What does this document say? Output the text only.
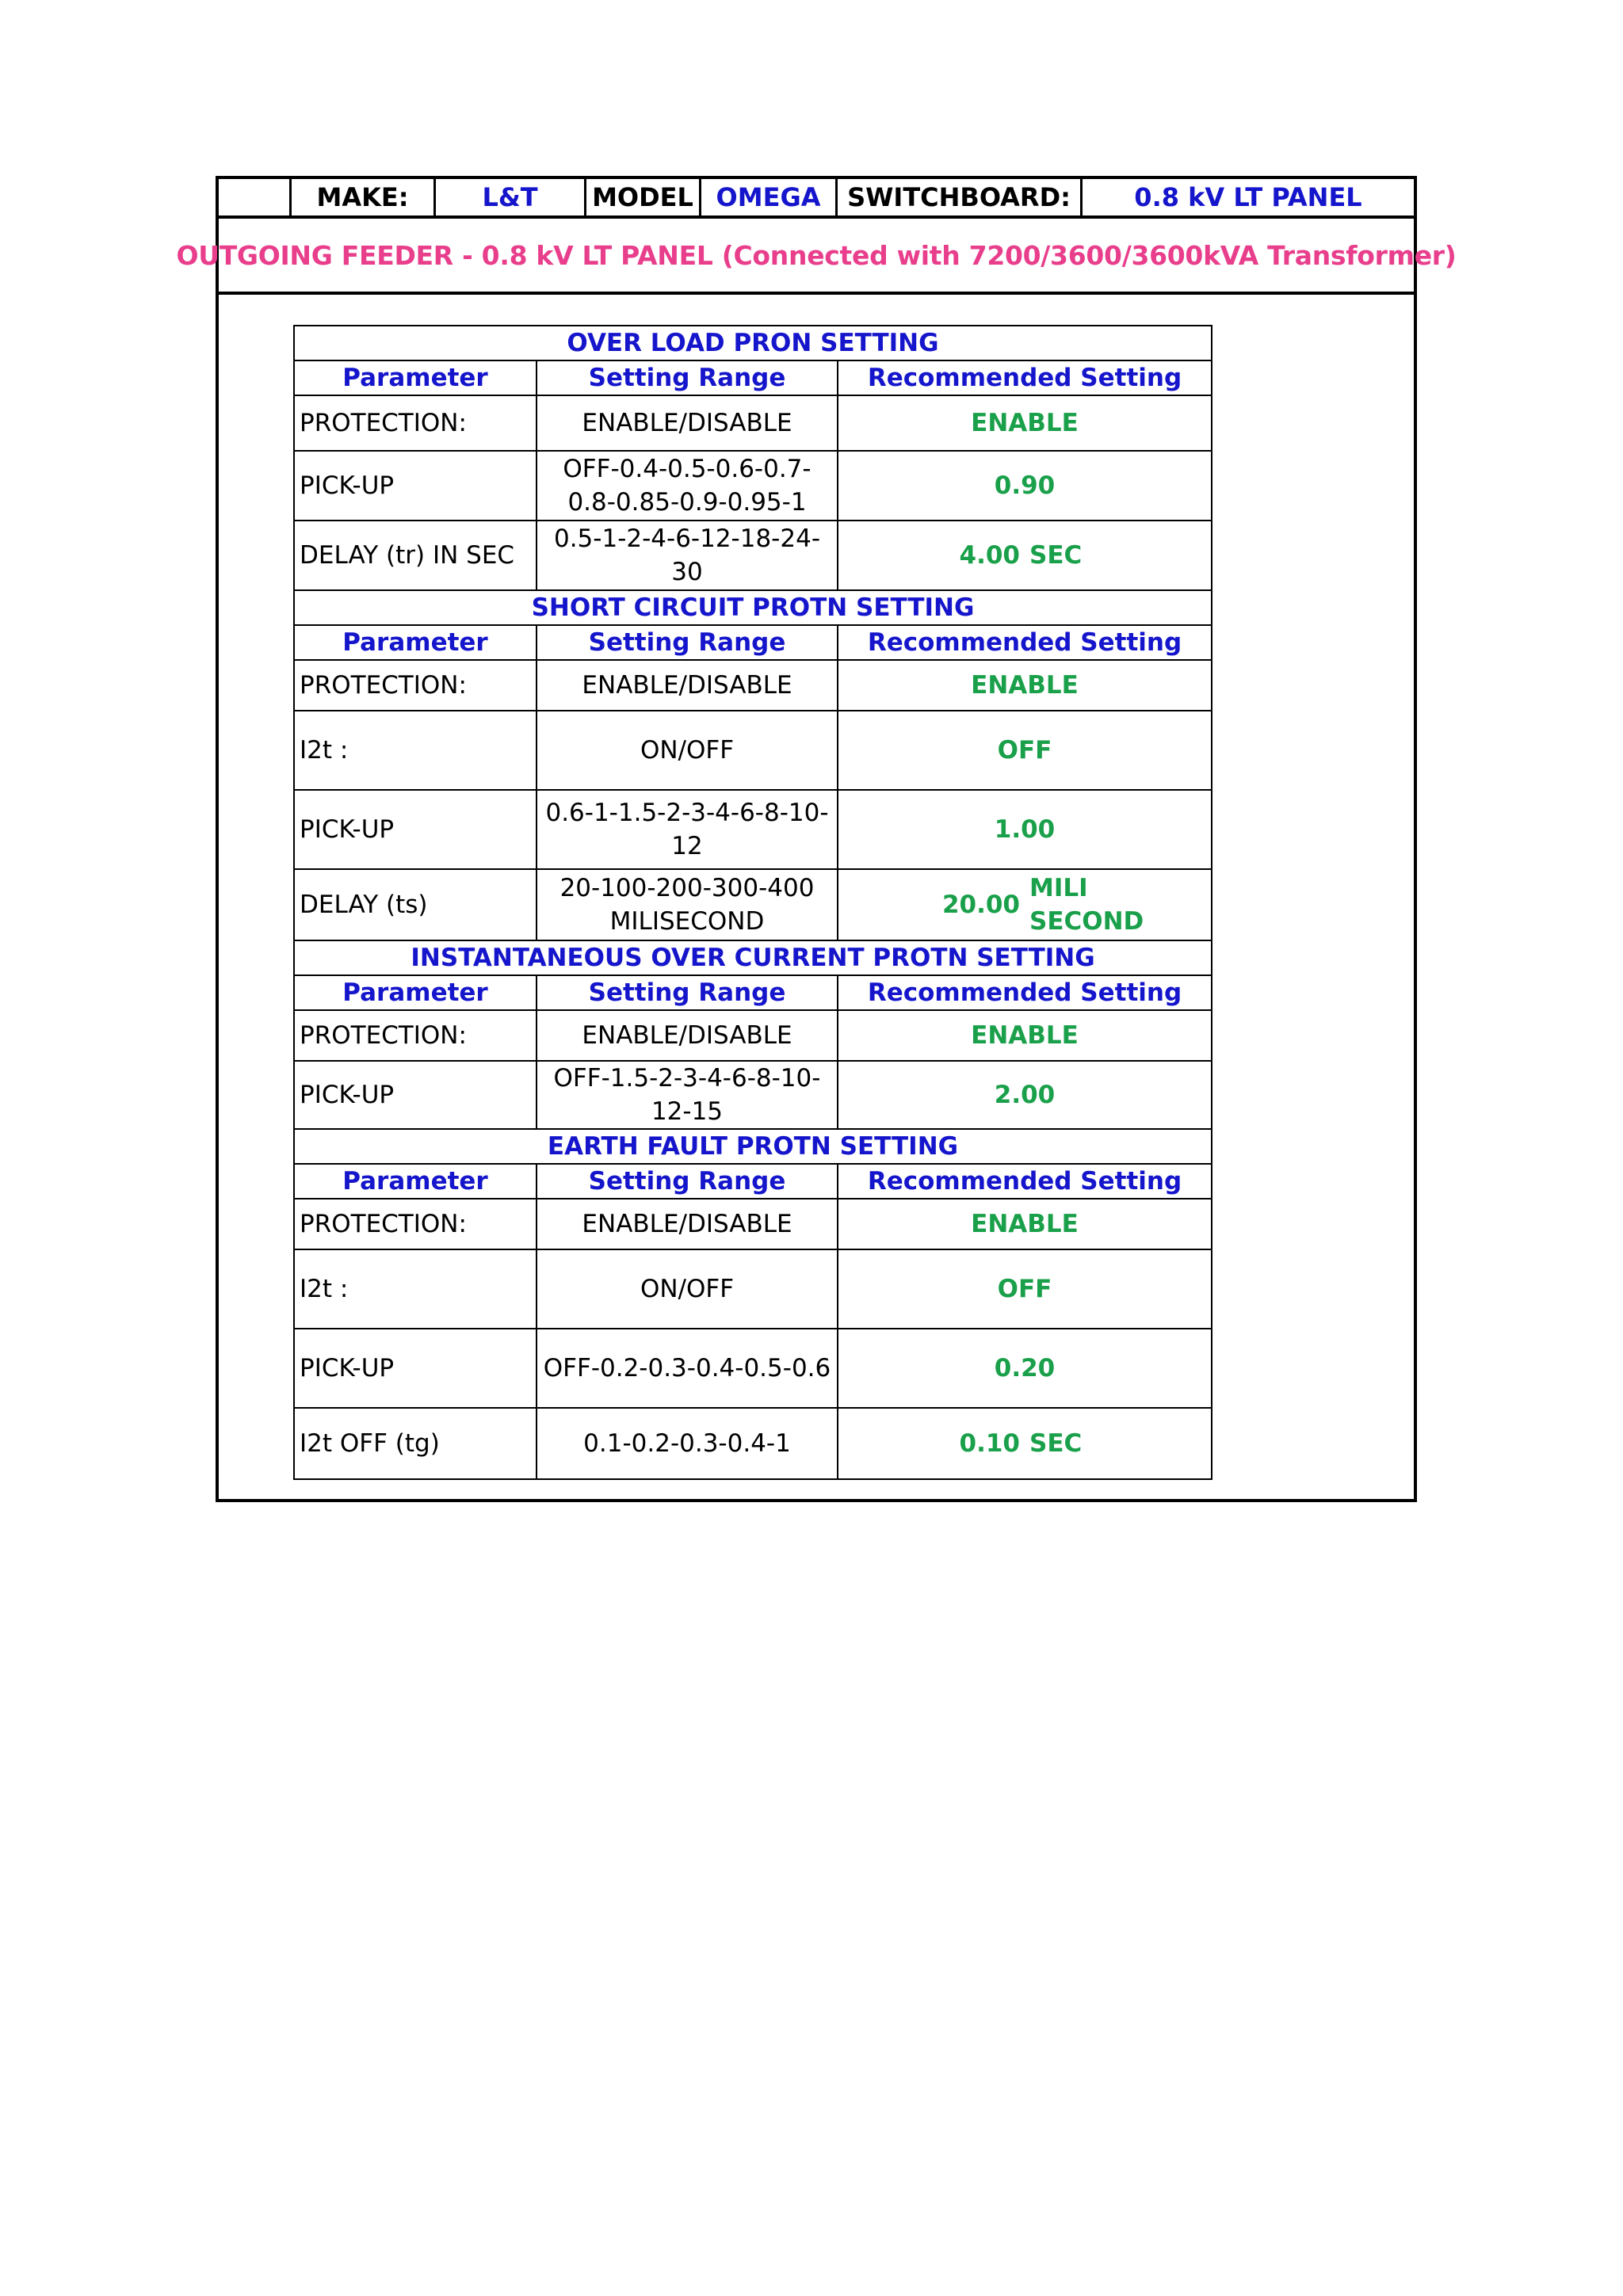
MAKE:	L&T	MODEL OMEGA	SWITCHBOARD:	0.8 kV LT PANEL
OUTGOING FEEDER - 0.8 kV LT PANEL (Connected with 7200/3600/3600kVA Transformer)
OVER LOAD PRON SETTING		
Parameter	Setting Range	Recommended Setting
PROTECTION:	ENABLE/DISABLE	ENABLE
PICK-UP	OFF-0.4-0.5-0.6-0.7-0.8-0.85-0.9-0.95-1	0.90
DELAY (tr) IN SEC	0.5-1-2-4-6-12-18-24-30	4.00 SEC

SHORT CIRCUIT PROTN SETTING		
Parameter	Setting Range	Recommended Setting
PROTECTION:	ENABLE/DISABLE	ENABLE
I2t :	ON/OFF	OFF
PICK-UP	0.6-1-1.5-2-3-4-6-8-10-12	1.00
DELAY (ts)	20-100-200-300-400 MILISECOND	20.00
MILI SECOND

INSTANTANEOUS OVER CURRENT PROTN SETTING		
Parameter	Setting Range	Recommended Setting
PROTECTION:	ENABLE/DISABLE	ENABLE
PICK-UP	OFF-1.5-2-3-4-6-8-10-12-15	2.00
EARTH FAULT PROTN SETTING		
Parameter	Setting Range	Recommended Setting
PROTECTION:	ENABLE/DISABLE	ENABLE
I2t :	ON/OFF	OFF
PICK-UP	OFF-0.2-0.3-0.4-0.5-0.6	0.20
I2t OFF (tg)	0.1-0.2-0.3-0.4-1	0.10 SEC
